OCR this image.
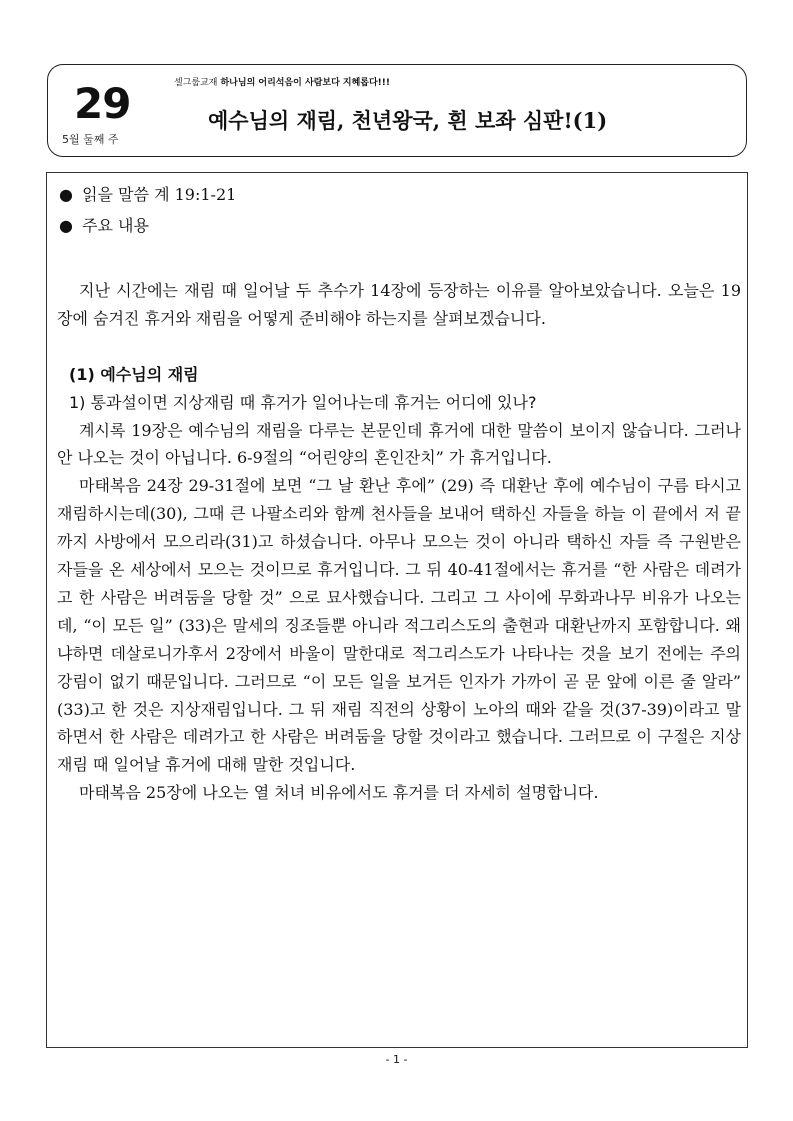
29
5월 둘째 주
셀그룹교재 하나님의 어리석음이 사람보다 지혜롭다!!!
예수님의 재림, 천년왕국, 흰 보좌 심판!(1)
● 읽을 말씀 계 19:1-21
● 주요 내용

지난 시간에는 재림 때 일어날 두 추수가 14장에 등장하는 이유를 알아보았습니다. 오늘은 19장에 숨겨진 휴거와 재림을 어떻게 준비해야 하는지를 살펴보겠습니다.

(1) 예수님의 재림
1) 통과설이면 지상재림 때 휴거가 일어나는데 휴거는 어디에 있나?

계시록 19장은 예수님의 재림을 다루는 본문인데 휴거에 대한 말씀이 보이지 않습니다. 그러나 안 나오는 것이 아닙니다. 6-9절의 “어린양의 혼인잔치” 가 휴거입니다.

마태복음 24장 29-31절에 보면 “그 날 환난 후에” (29) 즉 대환난 후에 예수님이 구름 타시고 재림하시는데(30), 그때 큰 나팔소리와 함께 천사들을 보내어 택하신 자들을 하늘 이 끝에서 저 끝까지 사방에서 모으리라(31)고 하셨습니다. 아무나 모으는 것이 아니라 택하신 자들 즉 구원받은 자들을 온 세상에서 모으는 것이므로 휴거입니다. 그 뒤 40-41절에서는 휴거를 “한 사람은 데려가고 한 사람은 버려둠을 당할 것” 으로 묘사했습니다. 그리고 그 사이에 무화과나무 비유가 나오는데, “이 모든 일” (33)은 말세의 징조들뿐 아니라 적그리스도의 출현과 대환난까지 포함합니다. 왜냐하면 데살로니가후서 2장에서 바울이 말한대로 적그리스도가 나타나는 것을 보기 전에는 주의 강림이 없기 때문입니다. 그러므로 “이 모든 일을 보거든 인자가 가까이 곧 문 앞에 이른 줄 알라” (33)고 한 것은 지상재림입니다. 그 뒤 재림 직전의 상황이 노아의 때와 같을 것(37-39)이라고 말하면서 한 사람은 데려가고 한 사람은 버려둠을 당할 것이라고 했습니다. 그러므로 이 구절은 지상재림 때 일어날 휴거에 대해 말한 것입니다.

마태복음 25장에 나오는 열 처녀 비유에서도 휴거를 더 자세히 설명합니다.

- 1 -
